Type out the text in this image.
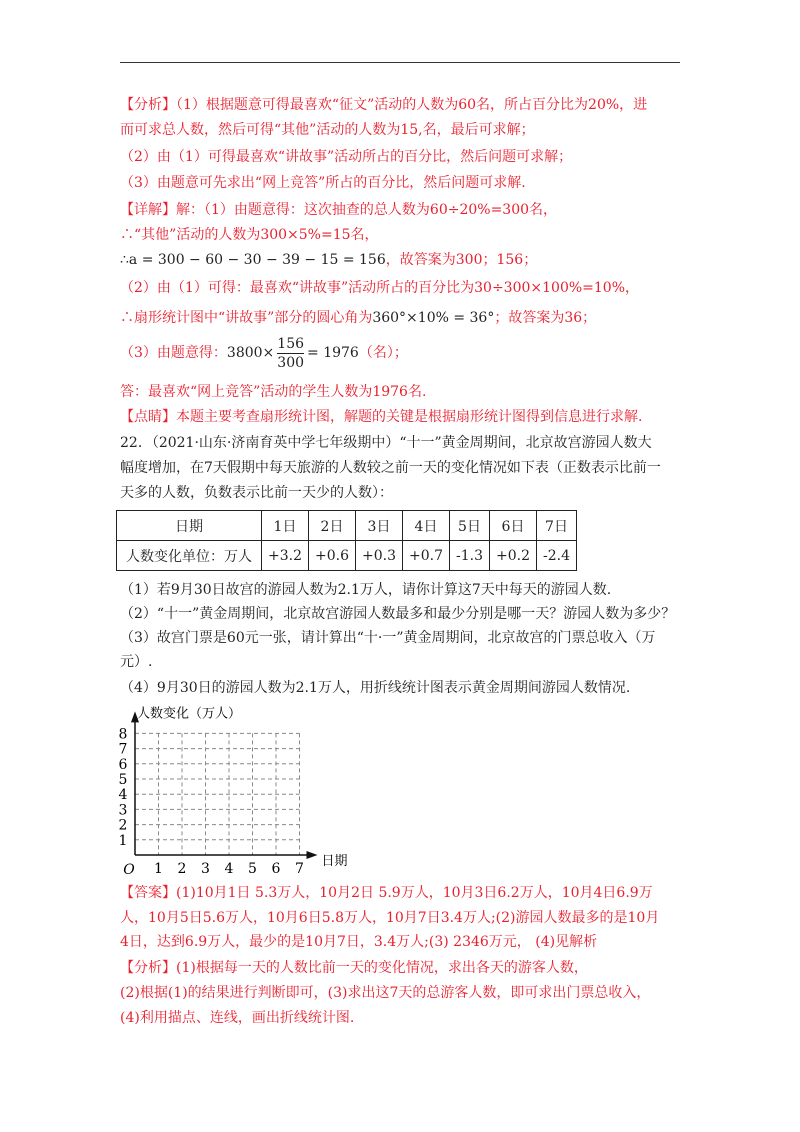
【分析】（1）根据题意可得最喜欢“征文”活动的人数为60名，所占百分比为20%，进
而可求总人数，然后可得“其他”活动的人数为15,名，最后可求解；
（2）由（1）可得最喜欢“讲故事”活动所占的百分比，然后问题可求解；
（3）由题意可先求出“网上竞答”所占的百分比，然后问题可求解.
【详解】解：（1）由题意得：这次抽查的总人数为60÷20%=300名，
∴“其他”活动的人数为300×5%=15名，
∴a = 300 − 60 − 30 − 39 − 15 = 156，故答案为300；156；
（2）由（1）可得：最喜欢“讲故事”活动所占的百分比为30÷300×100%=10%，
∴扇形统计图中“讲故事”部分的圆心角为360°×10% = 36°；故答案为36；
（3）由题意得：$3800\times \frac{156}{300} = 1976$（名）；
答：最喜欢“网上竞答”活动的学生人数为1976名.
【点睛】本题主要考查扇形统计图，解题的关键是根据扇形统计图得到信息进行求解.
22．（2021·山东·济南育英中学七年级期中）“十一”黄金周期间，北京故宫游园人数大
幅度增加，在7天假期中每天旅游的人数较之前一天的变化情况如下表（正数表示比前一
天多的人数，负数表示比前一天少的人数）：
日期	1日	2日	3日	4日	5日	6日	7日
人数变化单位：万人	+3.2	+0.6	+0.3	+0.7	-1.3	+0.2	-2.4
（1）若9月30日故宫的游园人数为2.1万人，请你计算这7天中每天的游园人数.
（2）“十一”黄金周期间，北京故宫游园人数最多和最少分别是哪一天？游园人数为多少？
（3）故宫门票是60元一张，请计算出“十·一”黄金周期间，北京故宫的门票总收入（万
元）.
（4）9月30日的游园人数为2.1万人，用折线统计图表示黄金周期间游园人数情况.
1
2
3
4
5
6
7
8
1 2 3 4 5 6 7
O
人数变化（万人）
日期
【答案】(1)10月1日 5.3万人，10月2日 5.9万人，10月3日6.2万人，10月4日6.9万
人，10月5日5.6万人，10月6日5.8万人，10月7日3.4万人;(2)游园人数最多的是10月
4日，达到6.9万人，最少的是10月7日，3.4万人;(3) 2346万元， (4)见解析
【分析】(1)根据每一天的人数比前一天的变化情况，求出各天的游客人数，
(2)根据(1)的结果进行判断即可，(3)求出这7天的总游客人数，即可求出门票总收入，
(4)利用描点、连线，画出折线统计图.
